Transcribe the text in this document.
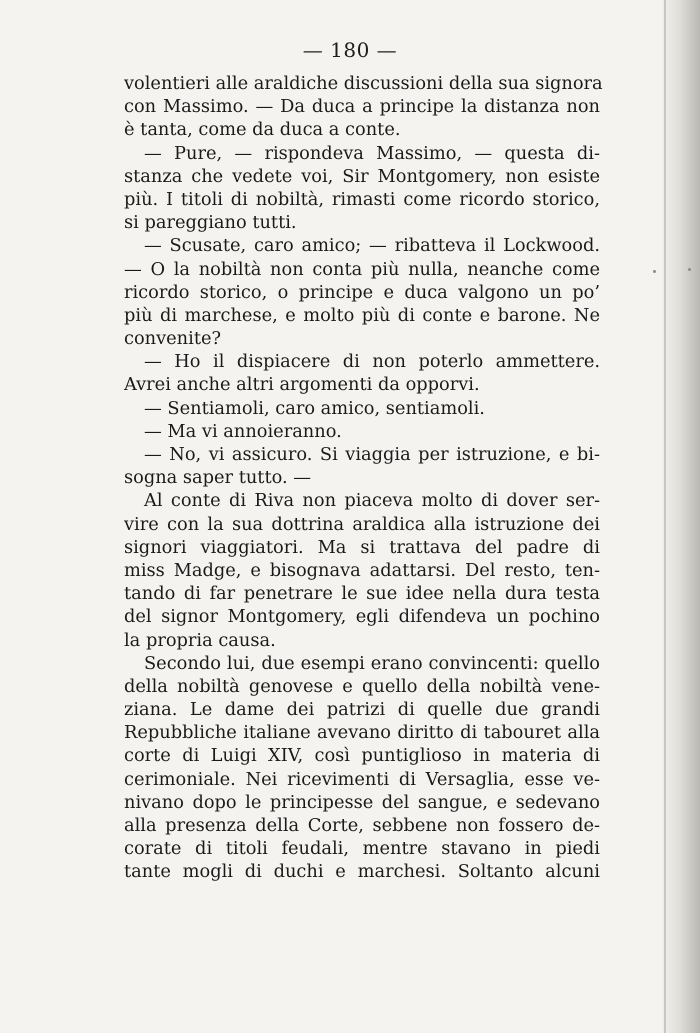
— 180 —
volentieri alle araldiche discussioni della sua signora
con Massimo. — Da duca a principe la distanza non
è tanta, come da duca a conte.
— Pure, — rispondeva Massimo, — questa di-
stanza che vedete voi, Sir Montgomery, non esiste
più. I titoli di nobiltà, rimasti come ricordo storico,
si pareggiano tutti.
— Scusate, caro amico; — ribatteva il Lockwood.
— O la nobiltà non conta più nulla, neanche come
ricordo storico, o principe e duca valgono un po’
più di marchese, e molto più di conte e barone. Ne
convenite?
— Ho il dispiacere di non poterlo ammettere.
Avrei anche altri argomenti da opporvi.
— Sentiamoli, caro amico, sentiamoli.
— Ma vi annoieranno.
— No, vi assicuro. Si viaggia per istruzione, e bi-
sogna saper tutto. —
Al conte di Riva non piaceva molto di dover ser-
vire con la sua dottrina araldica alla istruzione dei
signori viaggiatori. Ma si trattava del padre di
miss Madge, e bisognava adattarsi. Del resto, ten-
tando di far penetrare le sue idee nella dura testa
del signor Montgomery, egli difendeva un pochino
la propria causa.
Secondo lui, due esempi erano convincenti: quello
della nobiltà genovese e quello della nobiltà vene-
ziana. Le dame dei patrizi di quelle due grandi
Repubbliche italiane avevano diritto di tabouret alla
corte di Luigi XIV, così puntiglioso in materia di
cerimoniale. Nei ricevimenti di Versaglia, esse ve-
nivano dopo le principesse del sangue, e sedevano
alla presenza della Corte, sebbene non fossero de-
corate di titoli feudali, mentre stavano in piedi
tante mogli di duchi e marchesi. Soltanto alcuni
